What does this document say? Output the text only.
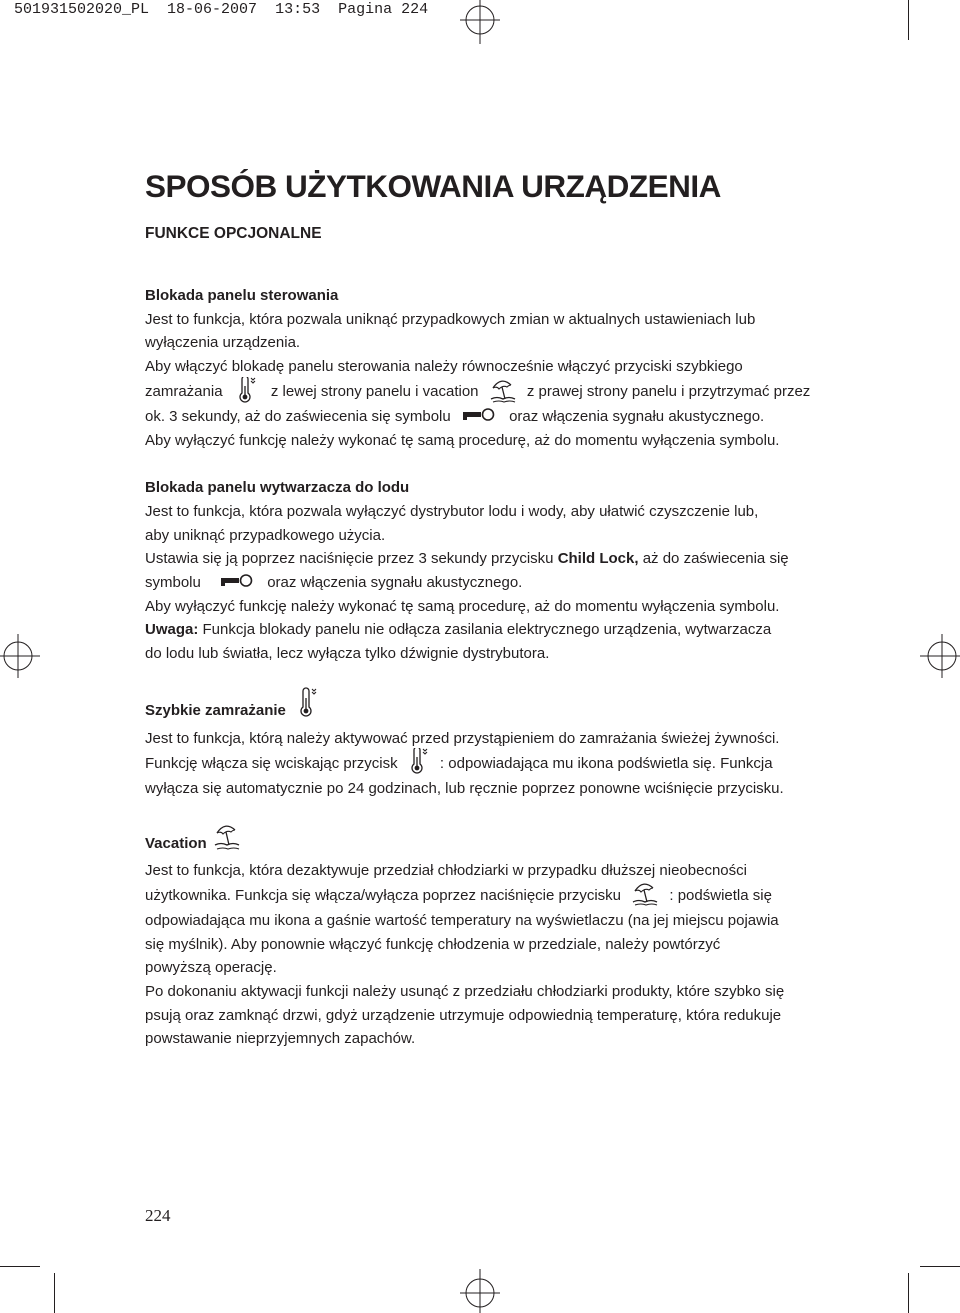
501931502020_PL 18-06-2007 13:53 Pagina 224
SPOSÓB UŻYTKOWANIA URZĄDZENIA
FUNKCE OPCJONALNE

Blokada panelu sterowania

Jest to funkcja, która pozwala uniknąć przypadkowych zmian w aktualnych ustawieniach lub

wyłączenia urządzenia.

Aby włączyć blokadę panelu sterowania należy równocześnie włączyć przyciski szybkiego

zamrażania	z lewej strony panelu i vacation	z prawej strony panelu i przytrzymać przez

ok. 3 sekundy, aż do zaświecenia się symbolu	oraz włączenia sygnału akustycznego.

Aby wyłączyć funkcję należy wykonać tę samą procedurę, aż do momentu wyłączenia symbolu.

Blokada panelu wytwarzacza do lodu

Jest to funkcja, która pozwala wyłączyć dystrybutor lodu i wody, aby ułatwić czyszczenie lub,

aby uniknąć przypadkowego użycia.

Ustawia się ją poprzez naciśnięcie przez 3 sekundy przycisku Child Lock, aż do zaświecenia się

symbolu	oraz włączenia sygnału akustycznego.

Aby wyłączyć funkcję należy wykonać tę samą procedurę, aż do momentu wyłączenia symbolu.

Uwaga: Funkcja blokady panelu nie odłącza zasilania elektrycznego urządzenia, wytwarzacza

do lodu lub światła, lecz wyłącza tylko dźwignie dystrybutora.

Szybkie zamrażanie

Jest to funkcja, którą należy aktywować przed przystąpieniem do zamrażania świeżej żywności.

Funkcję włącza się wciskając przycisk	: odpowiadająca mu ikona podświetla się. Funkcja

wyłącza się automatycznie po 24 godzinach, lub ręcznie poprzez ponowne wciśnięcie przycisku.

Vacation

Jest to funkcja, która dezaktywuje przedział chłodziarki w przypadku dłuższej nieobecności

użytkownika. Funkcja się włącza/wyłącza poprzez naciśnięcie przycisku	: podświetla się

odpowiadająca mu ikona a gaśnie wartość temperatury na wyświetlaczu (na jej miejscu pojawia

się myślnik). Aby ponownie włączyć funkcję chłodzenia w przedziale, należy powtórzyć

powyższą operację.

Po dokonaniu aktywacji funkcji należy usunąć z przedziału chłodziarki produkty, które szybko się

psują oraz zamknąć drzwi, gdyż urządzenie utrzymuje odpowiednią temperaturę, która redukuje

powstawanie nieprzyjemnych zapachów.

224
